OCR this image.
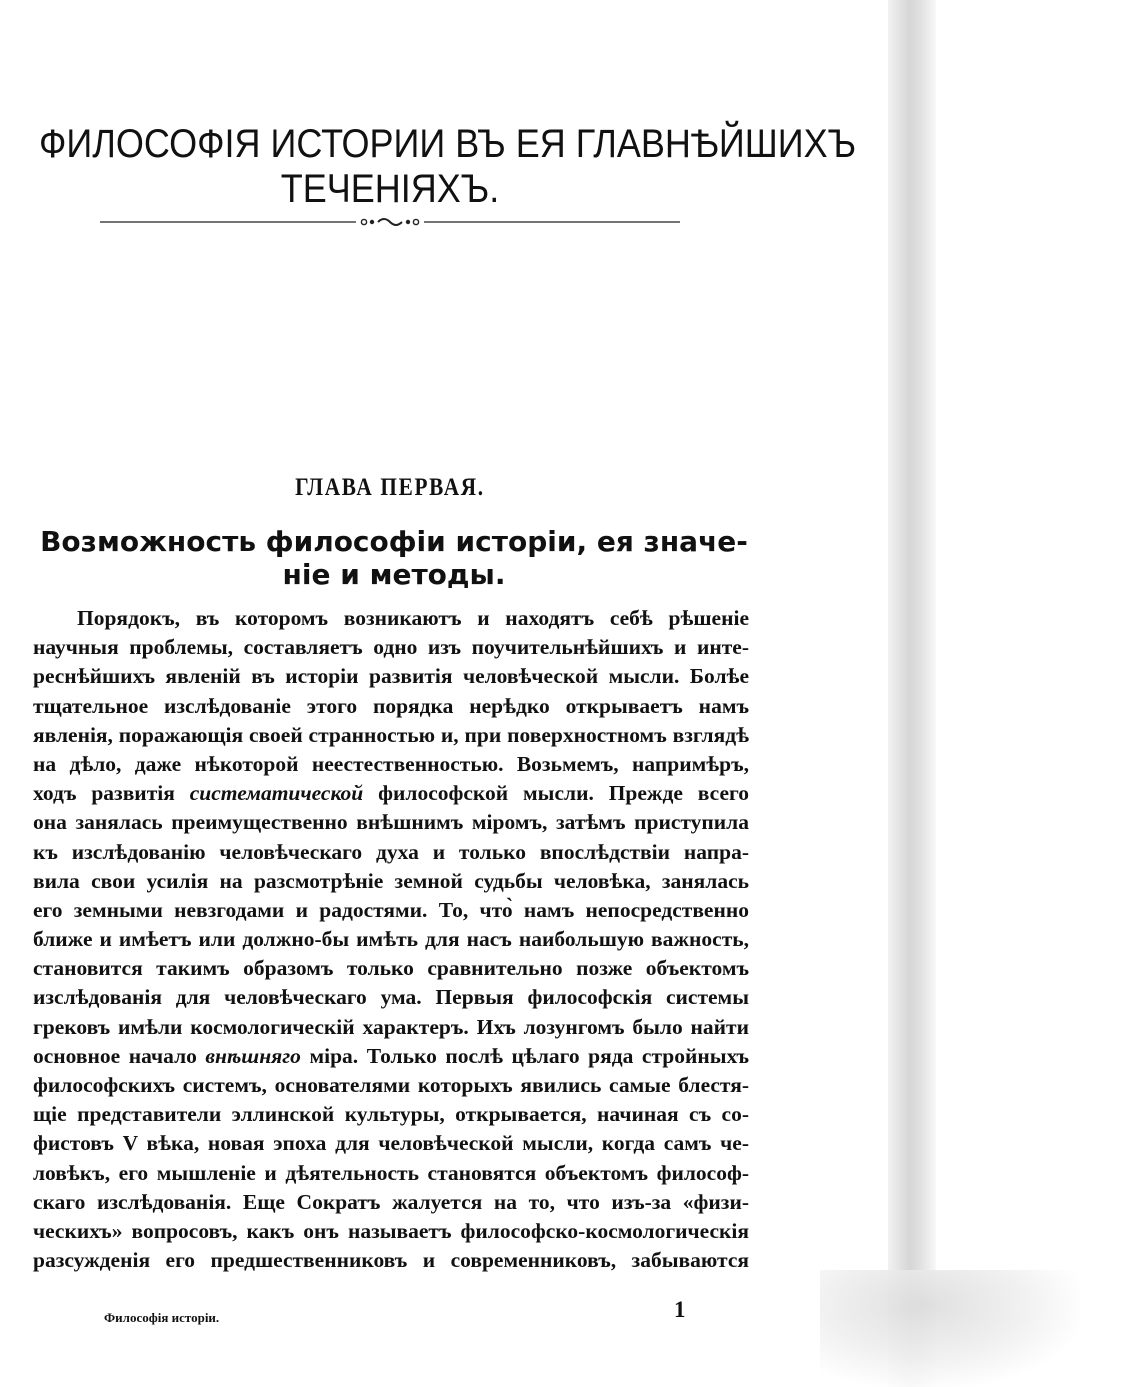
ФИЛОСОФІЯ ИСТОРИИ ВЪ ЕЯ ГЛАВНѢЙШИХЪ
ТЕЧЕНІЯХЪ.
ГЛАВА ПЕРВАЯ.
Возможность философіи исторіи, ея значе-
ніе и методы.
Порядокъ, въ которомъ возникаютъ и находятъ себѣ рѣшеніе
научныя проблемы, составляетъ одно изъ поучительнѣйшихъ и инте-
реснѣйшихъ явленій въ исторіи развитія человѣческой мысли. Болѣе
тщательное изслѣдованіе этого порядка нерѣдко открываетъ намъ
явленія, поражающія своей странностью и, при поверхностномъ взглядѣ
на дѣло, даже нѣкоторой неестественностью. Возьмемъ, напримѣръ,
ходъ развитія систематической философской мысли. Прежде всего
она занялась преимущественно внѣшнимъ міромъ, затѣмъ приступила
къ изслѣдованію человѣческаго духа и только впослѣдствіи напра-
вила свои усилія на разсмотрѣніе земной судьбы человѣка, занялась
его земными невзгодами и радостями. То, что̀ намъ непосредственно
ближе и имѣетъ или должно-бы имѣть для насъ наибольшую важность,
становится такимъ образомъ только сравнительно позже объектомъ
изслѣдованія для человѣческаго ума. Первыя философскія системы
грековъ имѣли космологическій характеръ. Ихъ лозунгомъ было найти
основное начало внѣшняго міра. Только послѣ цѣлаго ряда стройныхъ
философскихъ системъ, основателями которыхъ явились самые блестя-
щіе представители эллинской культуры, открывается, начиная съ со-
фистовъ V вѣка, новая эпоха для человѣческой мысли, когда самъ че-
ловѣкъ, его мышленіе и дѣятельность становятся объектомъ философ-
скаго изслѣдованія. Еще Сократъ жалуется на то, что изъ-за «физи-
ческихъ» вопросовъ, какъ онъ называетъ философско-космологическія
разсужденія его предшественниковъ и современниковъ, забываются
Философія исторіи.	1
